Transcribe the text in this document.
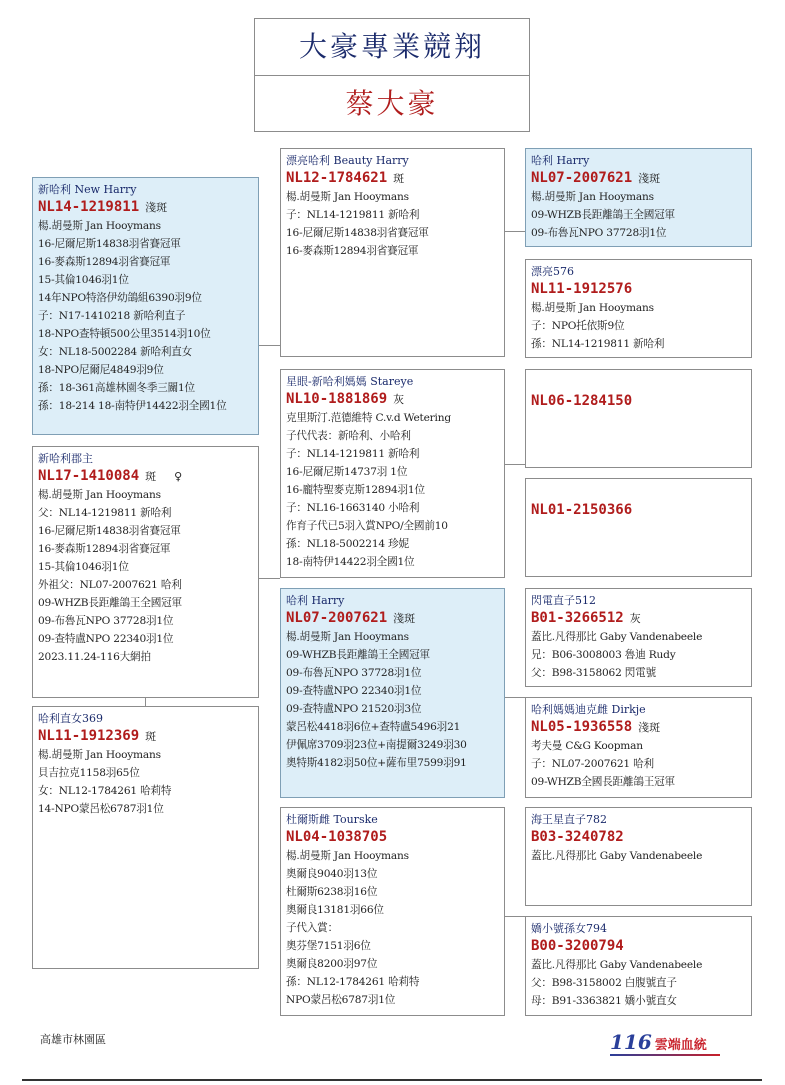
大豪專業競翔
蔡大豪
新哈利 New Harry
NL14-1219811 淺斑
楊.胡曼斯 Jan Hooymans
16-尼爾尼斯14838羽省賽冠軍
16-麥森斯12894羽省賽冠軍
15-其倫1046羽1位
14年NPO特洛伊幼鴿組6390羽9位
子：N17-1410218 新哈利直子
18-NPO查特頓500公里3514羽10位
女：NL18-5002284 新哈利直女
18-NPO尼爾尼4849羽9位
孫：18-361高雄林園冬季三關1位
孫：18-214 18-南特伊14422羽全國1位
新哈利郡主
NL17-1410084 斑 ♀
楊.胡曼斯 Jan Hooymans
父：NL14-1219811 新哈利
16-尼爾尼斯14838羽省賽冠軍
16-麥森斯12894羽省賽冠軍
15-其倫1046羽1位
外祖父：NL07-2007621 哈利
09-WHZB長距離鴿王全國冠軍
09-布魯瓦NPO 37728羽1位
09-查特盧NPO 22340羽1位
2023.11.24-116大網拍
哈利直女369
NL11-1912369 斑
楊.胡曼斯 Jan Hooymans
貝吉拉克1158羽65位
女：NL12-1784261 哈莉特
14-NPO蒙呂松6787羽1位
漂亮哈利 Beauty Harry
NL12-1784621 斑
楊.胡曼斯 Jan Hooymans
子：NL14-1219811 新哈利
16-尼爾尼斯14838羽省賽冠軍
16-麥森斯12894羽省賽冠軍
星眼-新哈利媽媽 Stareye
NL10-1881869 灰
克里斯汀.范德維特 C.v.d Wetering
子代代表：新哈利、小哈利
子：NL14-1219811 新哈利
16-尼爾尼斯14737羽 1位
16-龐特聖麥克斯12894羽1位
子：NL16-1663140 小哈利
作育子代已5羽入賞NPO/全國前10
孫：NL18-5002214 珍妮
18-南特伊14422羽全國1位
哈利 Harry
NL07-2007621 淺斑
楊.胡曼斯 Jan Hooymans
09-WHZB長距離鴿王全國冠軍
09-布魯瓦NPO 37728羽1位
09-查特盧NPO 22340羽1位
09-查特盧NPO 21520羽3位
蒙呂松4418羽6位+查特盧5496羽21
伊佩席3709羽23位+南提爾3249羽30
奧特斯4182羽50位+薩布里7599羽91
杜爾斯雌 Tourske
NL04-1038705
楊.胡曼斯 Jan Hooymans
奧爾良9040羽13位
杜爾斯6238羽16位
奧爾良13181羽66位
子代入賞：
奧芬堡7151羽6位
奧爾良8200羽97位
孫：NL12-1784261 哈莉特
NPO蒙呂松6787羽1位
哈利 Harry
NL07-2007621 淺斑
楊.胡曼斯 Jan Hooymans
09-WHZB長距離鴿王全國冠軍
09-布魯瓦NPO 37728羽1位
漂亮576
NL11-1912576
楊.胡曼斯 Jan Hooymans
子：NPO托依斯9位
孫：NL14-1219811 新哈利
NL06-1284150
NL01-2150366
閃電直子512
B01-3266512 灰
蓋比.凡得那比 Gaby Vandenabeele
兄：B06-3008003 魯迪 Rudy
父：B98-3158062 閃電號
哈利媽媽迪克雌 Dirkje
NL05-1936558 淺斑
考夫曼 C&G Koopman
子：NL07-2007621 哈利
09-WHZB全國長距離鴿王冠軍
海王星直子782
B03-3240782
蓋比.凡得那比 Gaby Vandenabeele
嬌小號孫女794
B00-3200794
蓋比.凡得那比 Gaby Vandenabeele
父：B98-3158002 白腹號直子
母：B91-3363821 嬌小號直女
高雄市林園區	116 雲端血統
